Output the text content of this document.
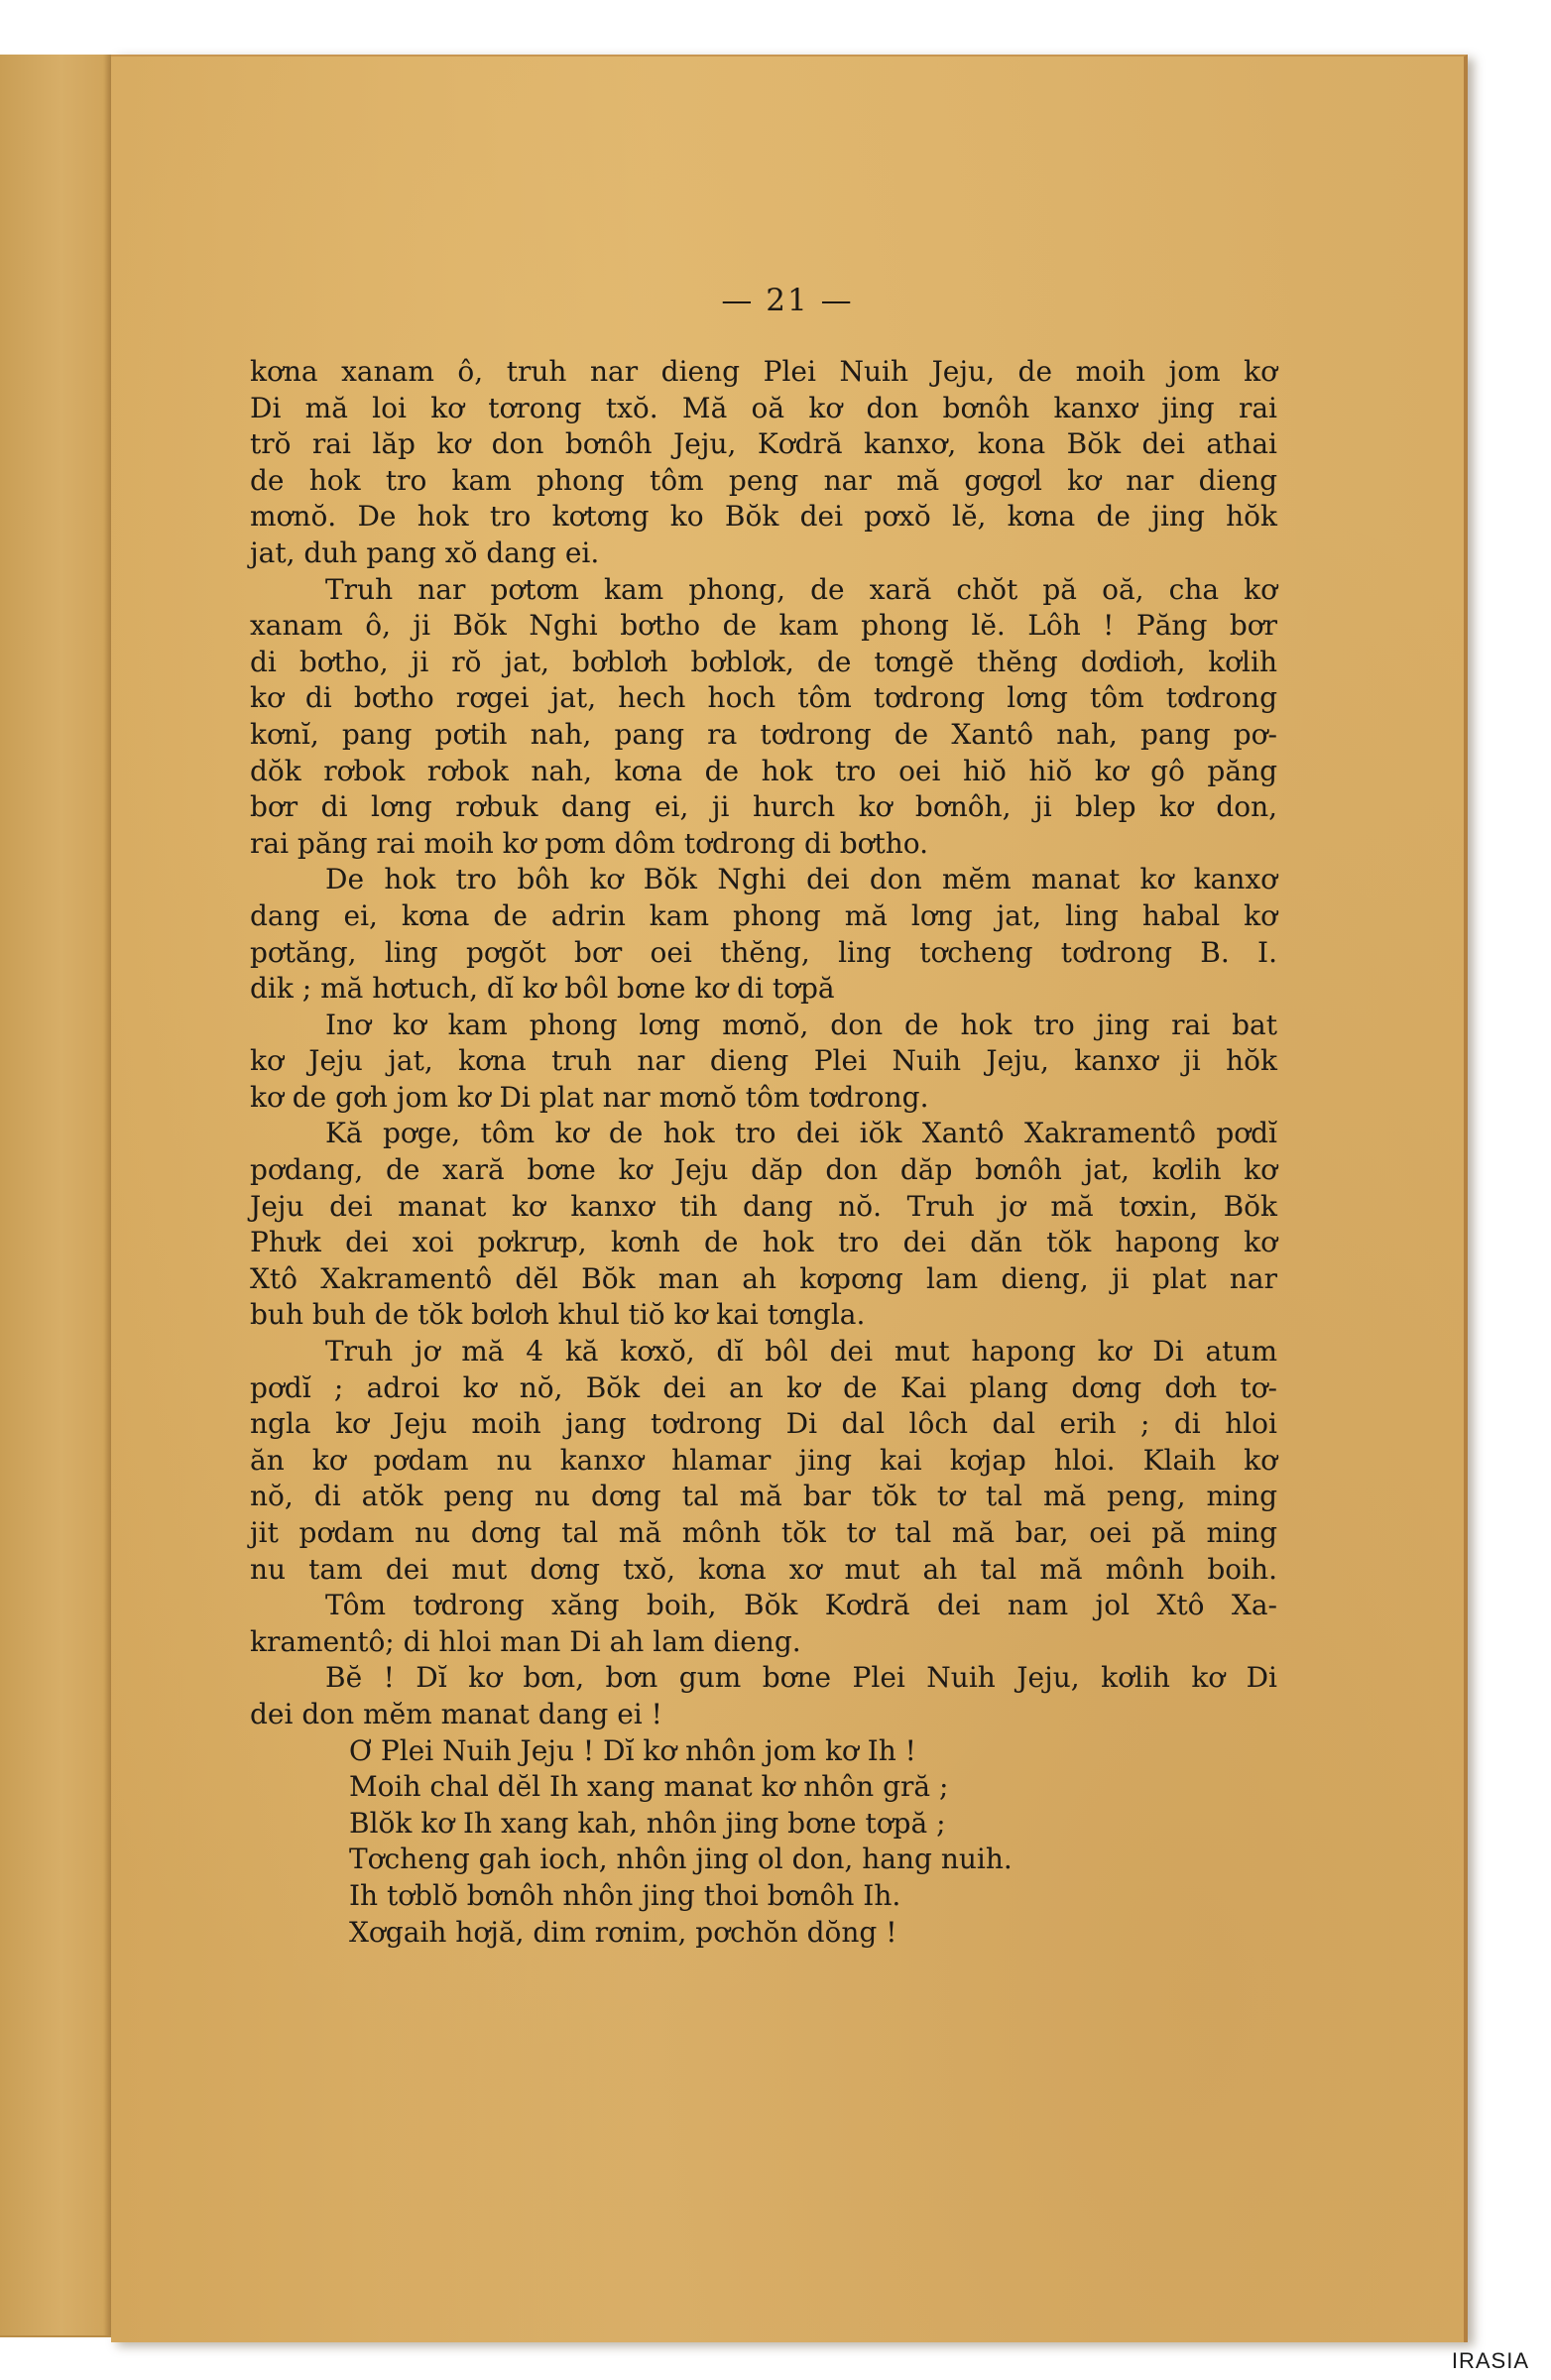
— 21 —

kơna xanam ô, truh nar dieng Plei Nuih Jeju, de moih jom kơ
Di mă loi kơ tơrong txŏ. Mă oă kơ don bơnôh kanxơ jing rai
trŏ rai lăp kơ don bơnôh Jeju, Kơdră kanxơ, kona Bŏk dei athai
de hok tro kam phong tôm peng nar mă gơgơl kơ nar dieng
mơnŏ. De hok tro kơtơng ko Bŏk dei pơxŏ lĕ, kơna de jing hŏk
jat, duh pang xŏ dang ei.
Truh nar pơtơm kam phong, de xară chŏt pă oă, cha kơ
xanam ô, ji Bŏk Nghi bơtho de kam phong lĕ. Lôh ! Păng bơr
di bơtho, ji rŏ jat, bơblơh bơblơk, de tơngĕ thĕng dơdiơh, kơlih
kơ di bơtho rơgei jat, hech hoch tôm tơdrong lơng tôm tơdrong
kơnĭ, pang pơtih nah, pang ra tơdrong de Xantô nah, pang pơ-
dŏk rơbok rơbok nah, kơna de hok tro oei hiŏ hiŏ kơ gô păng
bơr di lơng rơbuk dang ei, ji hurch kơ bơnôh, ji blep kơ don,
rai păng rai moih kơ pơm dôm tơdrong di bơtho.
De hok tro bôh kơ Bŏk Nghi dei don mĕm manat kơ kanxơ
dang ei, kơna de adrin kam phong mă lơng jat, ling habal kơ
pơtăng, ling pơgŏt bơr oei thĕng, ling tơcheng tơdrong B. I.
dik ; mă hơtuch, dĭ kơ bôl bơne kơ di tơpă
Inơ kơ kam phong lơng mơnŏ, don de hok tro jing rai bat
kơ Jeju jat, kơna truh nar dieng Plei Nuih Jeju, kanxơ ji hŏk
kơ de gơh jom kơ Di plat nar mơnŏ tôm tơdrong.
Kă pơge, tôm kơ de hok tro dei iŏk Xantô Xakramentô pơdĭ
pơdang, de xară bơne kơ Jeju dăp don dăp bơnôh jat, kơlih kơ
Jeju dei manat kơ kanxơ tih dang nŏ. Truh jơ mă tơxin, Bŏk
Phưk dei xoi pơkrưp, kơnh de hok tro dei dăn tŏk hapong kơ
Xtô Xakramentô dĕl Bŏk man ah kơpơng lam dieng, ji plat nar
buh buh de tŏk bơlơh khul tiŏ kơ kai tơngla.
Truh jơ mă 4 kă kơxŏ, dĭ bôl dei mut hapong kơ Di atum
pơdĭ ; adroi kơ nŏ, Bŏk dei an kơ de Kai plang dơng dơh tơ-
ngla kơ Jeju moih jang tơdrong Di dal lôch dal erih ; di hloi
ăn kơ pơdam nu kanxơ hlamar jing kai kơjap hloi. Klaih kơ
nŏ, di atŏk peng nu dơng tal mă bar tŏk tơ tal mă peng, ming
jit pơdam nu dơng tal mă mônh tŏk tơ tal mă bar, oei pă ming
nu tam dei mut dơng txŏ, kơna xơ mut ah tal mă mônh boih.
Tôm tơdrong xăng boih, Bŏk Kơdră dei nam jol Xtô Xa-
kramentô; di hloi man Di ah lam dieng.
Bĕ ! Dĭ kơ bơn, bơn gum bơne Plei Nuih Jeju, kơlih kơ Di
dei don mĕm manat dang ei !
Ơ Plei Nuih Jeju ! Dĭ kơ nhôn jom kơ Ih !
Moih chal dĕl Ih xang manat kơ nhôn gră ;
Blŏk kơ Ih xang kah, nhôn jing bơne tơpă ;
Tơcheng gah ioch, nhôn jing ol don, hang nuih.
Ih tơblŏ bơnôh nhôn jing thoi bơnôh Ih.
Xơgaih hơjă, dim rơnim, pơchŏn dŏng !

IRASIA
